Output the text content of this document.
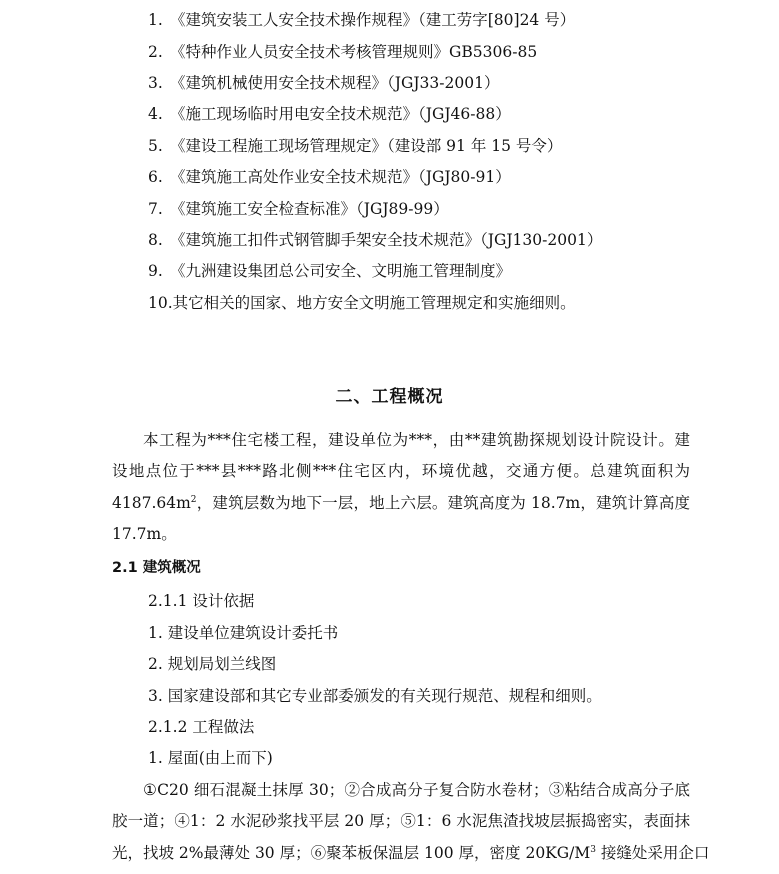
1. 《建筑安装工人安全技术操作规程》（建工劳字[80]24 号）
2. 《特种作业人员安全技术考核管理规则》GB5306-85
3. 《建筑机械使用安全技术规程》（JGJ33-2001）
4. 《施工现场临时用电安全技术规范》（JGJ46-88）
5. 《建设工程施工现场管理规定》（建设部 91 年 15 号令）
6. 《建筑施工高处作业安全技术规范》（JGJ80-91）
7. 《建筑施工安全检查标准》（JGJ89-99）
8. 《建筑施工扣件式钢管脚手架安全技术规范》（JGJ130-2001）
9. 《九洲建设集团总公司安全、文明施工管理制度》
10.其它相关的国家、地方安全文明施工管理规定和实施细则。
二、工程概况
本工程为***住宅楼工程，建设单位为***，由**建筑勘探规划设计院设计。建
设地点位于***县***路北侧***住宅区内，环境优越，交通方便。总建筑面积为
$4187.64m^2$，建筑层数为地下一层，地上六层。建筑高度为 18.7m，建筑计算高度
17.7m。
2.1 建筑概况
2.1.1 设计依据
1. 建设单位建筑设计委托书
2. 规划局划兰线图
3. 国家建设部和其它专业部委颁发的有关现行规范、规程和细则。
2.1.2 工程做法
1. 屋面(由上而下)
①C20 细石混凝土抹厚 30；②合成高分子复合防水卷材；③粘结合成高分子底
胶一道；④1：2 水泥砂浆找平层 20 厚；⑤1：6 水泥焦渣找坡层振捣密实，表面抹
光，找坡 2%最薄处 30 厚；⑥聚苯板保温层 100 厚，密度 $20KG/M^3$ 接缝处采用企口
